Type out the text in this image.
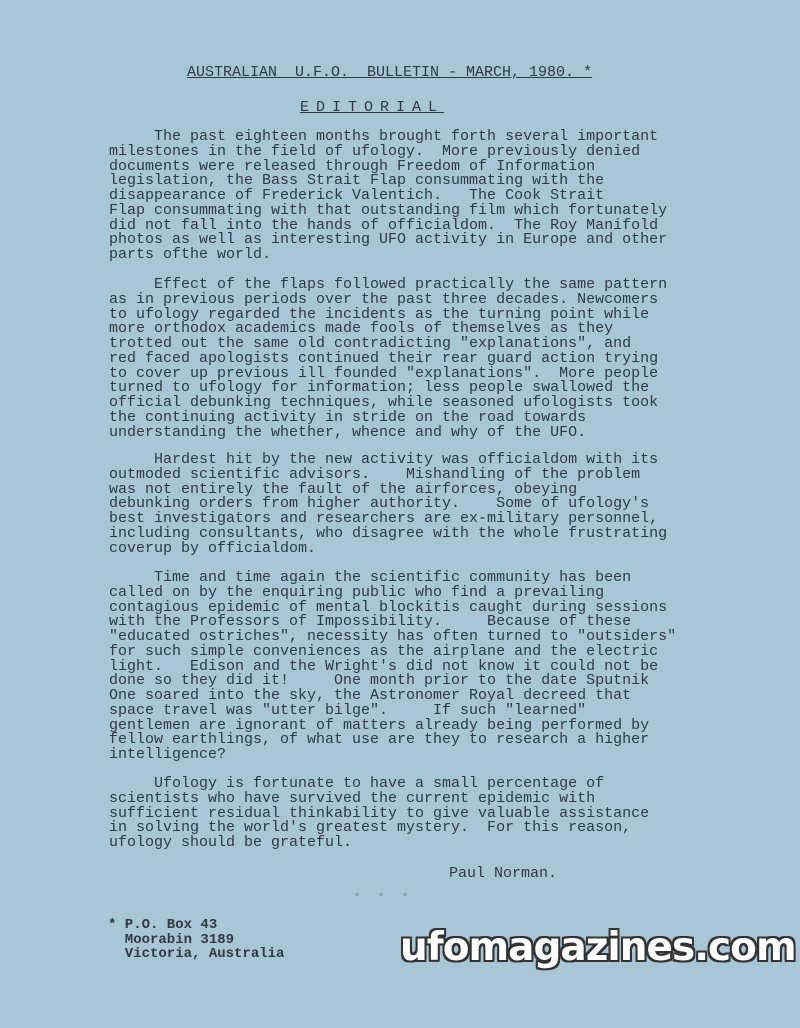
AUSTRALIAN  U.F.O.  BULLETIN - MARCH, 1980. *
EDITORIAL
The past eighteen months brought forth several important
milestones in the field of ufology.  More previously denied
documents were released through Freedom of Information
legislation, the Bass Strait Flap consummating with the
disappearance of Frederick Valentich.   The Cook Strait
Flap consummating with that outstanding film which fortunately
did not fall into the hands of officialdom.  The Roy Manifold
photos as well as interesting UFO activity in Europe and other
parts ofthe world.
Effect of the flaps followed practically the same pattern
as in previous periods over the past three decades. Newcomers
to ufology regarded the incidents as the turning point while
more orthodox academics made fools of themselves as they
trotted out the same old contradicting "explanations", and
red faced apologists continued their rear guard action trying
to cover up previous ill founded "explanations".  More people
turned to ufology for information; less people swallowed the
official debunking techniques, while seasoned ufologists took
the continuing activity in stride on the road towards
understanding the whether, whence and why of the UFO.
Hardest hit by the new activity was officialdom with its
outmoded scientific advisors.    Mishandling of the problem
was not entirely the fault of the airforces, obeying
debunking orders from higher authority.    Some of ufology's
best investigators and researchers are ex-military personnel,
including consultants, who disagree with the whole frustrating
coverup by officialdom.
Time and time again the scientific community has been
called on by the enquiring public who find a prevailing
contagious epidemic of mental blockitis caught during sessions
with the Professors of Impossibility.     Because of these
"educated ostriches", necessity has often turned to "outsiders"
for such simple conveniences as the airplane and the electric
light.   Edison and the Wright's did not know it could not be
done so they did it!     One month prior to the date Sputnik
One soared into the sky, the Astronomer Royal decreed that
space travel was "utter bilge".     If such "learned"
gentlemen are ignorant of matters already being performed by
fellow earthlings, of what use are they to research a higher
intelligence?
Ufology is fortunate to have a small percentage of
scientists who have survived the current epidemic with
sufficient residual thinkability to give valuable assistance
in solving the world's greatest mystery.  For this reason,
ufology should be grateful.
Paul Norman.
* * *
* P.O. Box 43
Moorabin 3189
Victoria, Australia	ufomagazines.com
